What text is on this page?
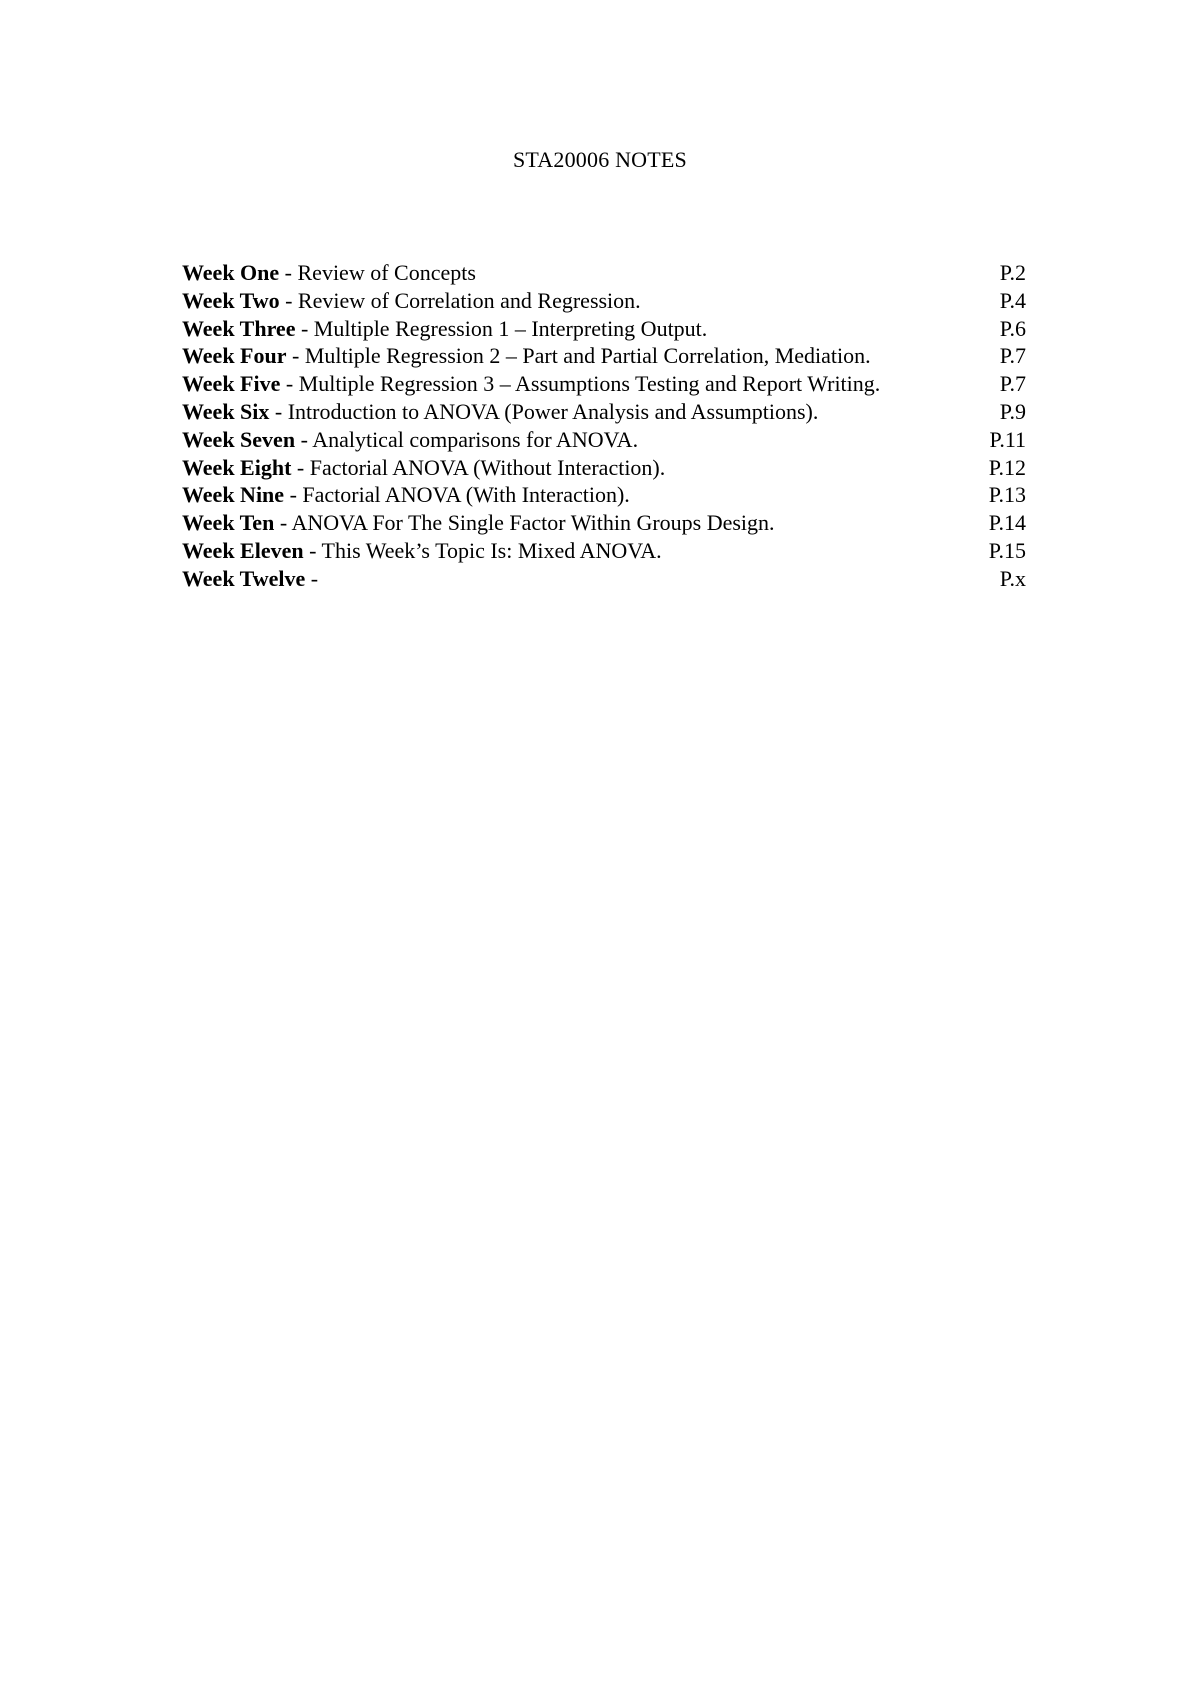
STA20006 NOTES
Week One - Review of Concepts	P.2
Week Two - Review of Correlation and Regression.	P.4
Week Three - Multiple Regression 1 – Interpreting Output.	P.6
Week Four - Multiple Regression 2 – Part and Partial Correlation, Mediation.	P.7
Week Five - Multiple Regression 3 – Assumptions Testing and Report Writing.	P.7
Week Six - Introduction to ANOVA (Power Analysis and Assumptions).	P.9
Week Seven - Analytical comparisons for ANOVA.	P.11
Week Eight - Factorial ANOVA (Without Interaction).	P.12
Week Nine - Factorial ANOVA (With Interaction).	P.13
Week Ten - ANOVA For The Single Factor Within Groups Design.	P.14
Week Eleven - This Week’s Topic Is: Mixed ANOVA.	P.15
Week Twelve -	P.x
